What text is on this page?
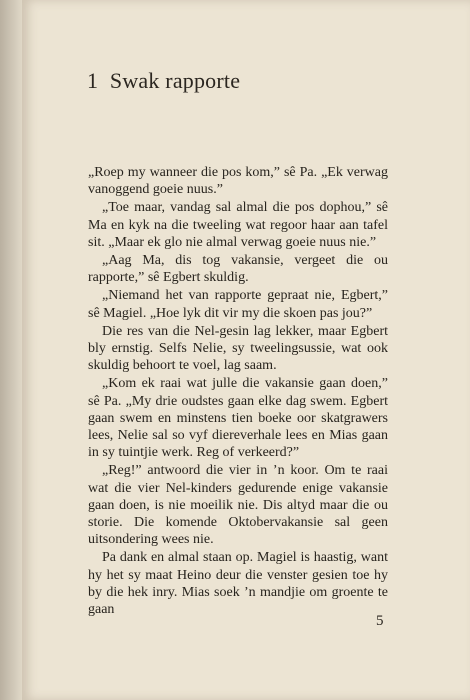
1 Swak rapporte

„Roep my wanneer die pos kom,” sê Pa. „Ek verwag vanoggend goeie nuus.”

„Toe maar, vandag sal almal die pos dophou,” sê Ma en kyk na die tweeling wat regoor haar aan tafel sit. „Maar ek glo nie almal verwag goeie nuus nie.”

„Aag Ma, dis tog vakansie, vergeet die ou rapporte,” sê Egbert skuldig.

„Niemand het van rapporte gepraat nie, Egbert,” sê Magiel. „Hoe lyk dit vir my die skoen pas jou?”

Die res van die Nel-gesin lag lekker, maar Egbert bly ernstig. Selfs Nelie, sy tweelingsussie, wat ook skuldig behoort te voel, lag saam.

„Kom ek raai wat julle die vakansie gaan doen,” sê Pa. „My drie oudstes gaan elke dag swem. Egbert gaan swem en minstens tien boeke oor skatgrawers lees, Nelie sal so vyf diereverhale lees en Mias gaan in sy tuintjie werk. Reg of verkeerd?”

„Reg!” antwoord die vier in ’n koor. Om te raai wat die vier Nel-kinders gedurende enige vakansie gaan doen, is nie moeilik nie. Dis altyd maar die ou storie. Die komende Oktobervakansie sal geen uitsondering wees nie.

Pa dank en almal staan op. Magiel is haastig, want hy het sy maat Heino deur die venster gesien toe hy by die hek inry. Mias soek ’n mandjie om groente te gaan

5
